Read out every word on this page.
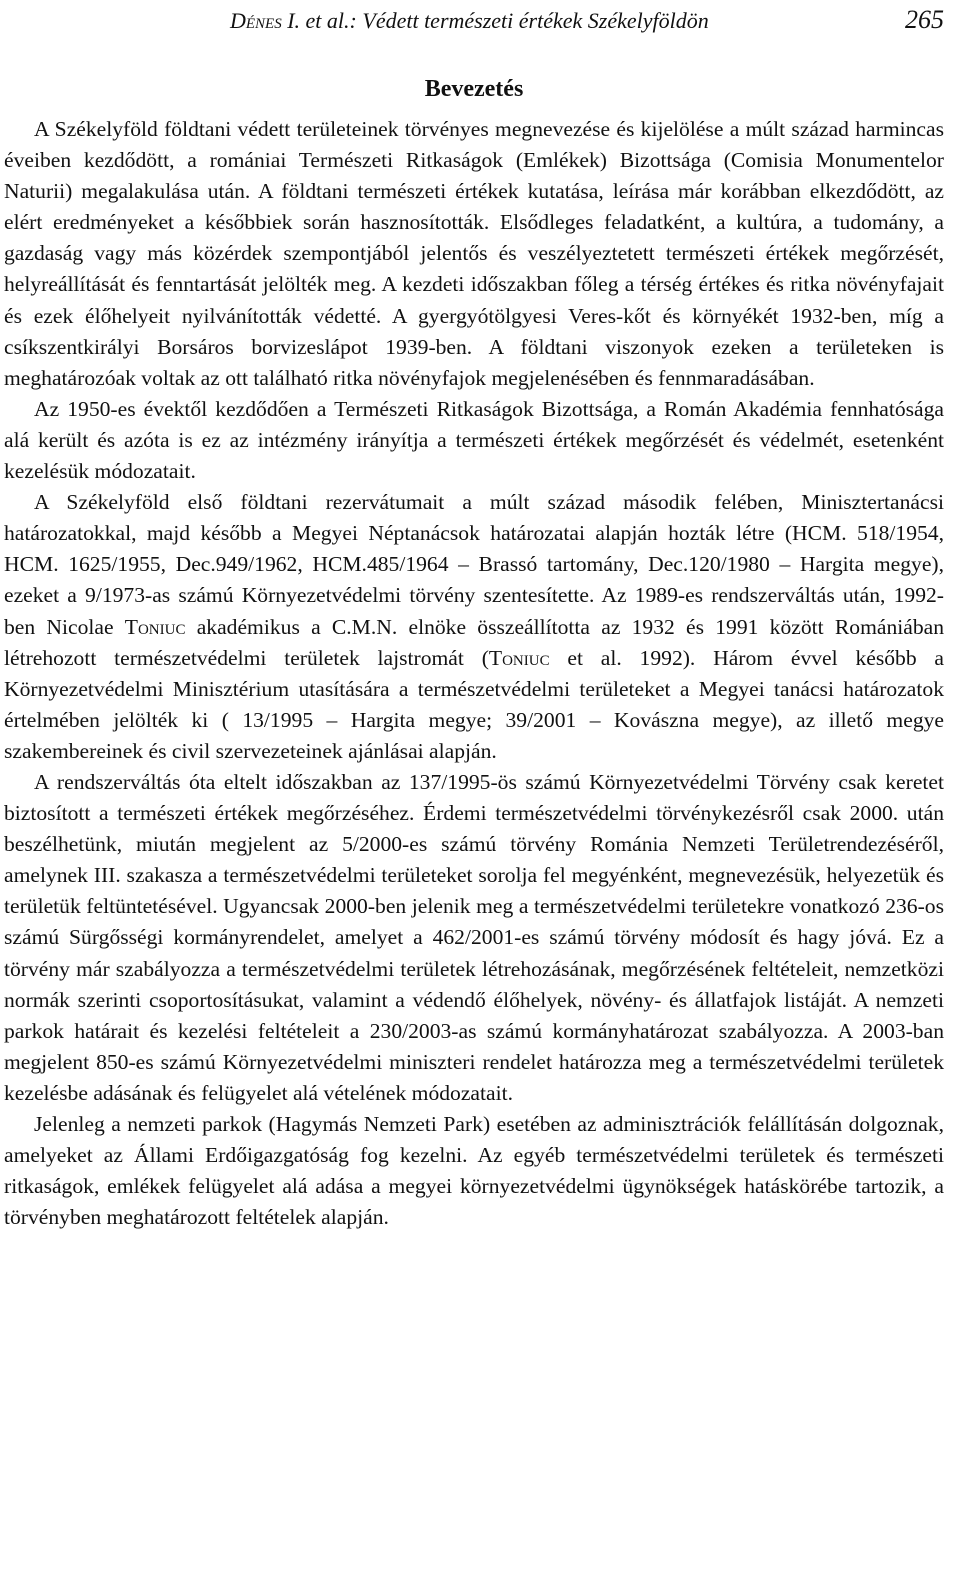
Dénes I. et al.: Védett természeti értékek Székelyföldön	265
Bevezetés

A Székelyföld földtani védett területeinek törvényes megnevezése és kijelölése a múlt század harmincas éveiben kezdődött, a romániai Természeti Ritkaságok (Emlékek) Bizottsága (Comisia Monumentelor Naturii) megalakulása után. A földtani természeti értékek kutatása, leírása már korábban elkezdődött, az elért eredményeket a későbbiek során hasznosították. Elsődleges feladatként, a kultúra, a tudomány, a gazdaság vagy más közérdek szempontjából jelentős és veszélyeztetett természeti értékek megőrzését, helyreállítását és fenntartását jelölték meg. A kezdeti időszakban főleg a térség értékes és ritka növényfajait és ezek élőhelyeit nyilvánították védetté. A gyergyótölgyesi Veres-kőt és környékét 1932-ben, míg a csíkszentkirályi Borsáros borvizeslápot 1939-ben. A földtani viszonyok ezeken a területeken is meghatározóak voltak az ott található ritka növényfajok megjelenésében és fennmaradásában.

Az 1950-es évektől kezdődően a Természeti Ritkaságok Bizottsága, a Román Akadémia fennhatósága alá került és azóta is ez az intézmény irányítja a természeti értékek megőrzését és védelmét, esetenként kezelésük módozatait.

A Székelyföld első földtani rezervátumait a múlt század második felében, Minisztertanácsi határozatokkal, majd később a Megyei Néptanácsok határozatai alapján hozták létre (HCM. 518/1954, HCM. 1625/1955, Dec.949/1962, HCM.485/1964 – Brassó tartomány, Dec.120/1980 – Hargita megye), ezeket a 9/1973-as számú Környezetvédelmi törvény szentesítette. Az 1989-es rendszerváltás után, 1992-ben Nicolae Toniuc akadémikus a C.M.N. elnöke összeállította az 1932 és 1991 között Romániában létrehozott természetvédelmi területek lajstromát (Toniuc et al. 1992). Három évvel később a Környezetvédelmi Minisztérium utasítására a természetvédelmi területeket a Megyei tanácsi határozatok értelmében jelölték ki ( 13/1995 – Hargita megye; 39/2001 – Kovászna megye), az illető megye szakembereinek és civil szervezeteinek ajánlásai alapján.

A rendszerváltás óta eltelt időszakban az 137/1995-ös számú Környezetvédelmi Törvény csak keretet biztosított a természeti értékek megőrzéséhez. Érdemi természetvédelmi törvénykezésről csak 2000. után beszélhetünk, miután megjelent az 5/2000-es számú törvény Románia Nemzeti Területrendezéséről, amelynek III. szakasza a természetvédelmi területeket sorolja fel megyénként, megnevezésük, helyezetük és területük feltüntetésével. Ugyancsak 2000-ben jelenik meg a természetvédelmi területekre vonatkozó 236-os számú Sürgősségi kormányrendelet, amelyet a 462/2001-es számú törvény módosít és hagy jóvá. Ez a törvény már szabályozza a természetvédelmi területek létrehozásának, megőrzésének feltételeit, nemzetközi normák szerinti csoportosításukat, valamint a védendő élőhelyek, növény- és állatfajok listáját. A nemzeti parkok határait és kezelési feltételeit a 230/2003-as számú kormányhatározat szabályozza. A 2003-ban megjelent 850-es számú Környezetvédelmi miniszteri rendelet határozza meg a természetvédelmi területek kezelésbe adásának és felügyelet alá vételének módozatait.

Jelenleg a nemzeti parkok (Hagymás Nemzeti Park) esetében az adminisztrációk felállításán dolgoznak, amelyeket az Állami Erdőigazgatóság fog kezelni. Az egyéb természetvédelmi területek és természeti ritkaságok, emlékek felügyelet alá adása a megyei környezetvédelmi ügynökségek hatáskörébe tartozik, a törvényben meghatározott feltételek alapján.
